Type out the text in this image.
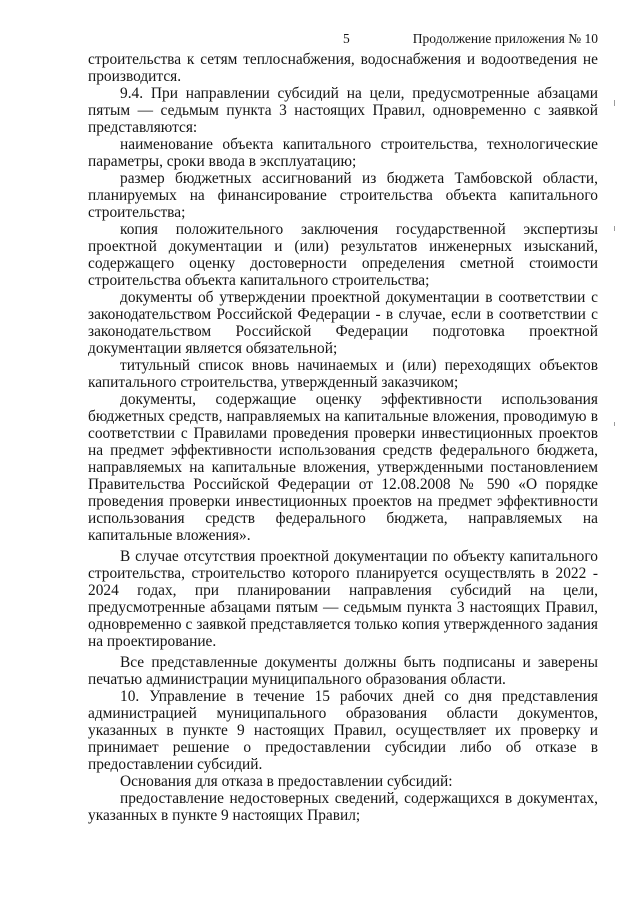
5	Продолжение приложения № 10

строительства к сетям теплоснабжения, водоснабжения и водоотведения не производится.

9.4. При направлении субсидий на цели, предусмотренные абзацами пятым — седьмым пункта 3 настоящих Правил, одновременно с заявкой представляются:

наименование объекта капитального строительства, технологические параметры, сроки ввода в эксплуатацию;

размер бюджетных ассигнований из бюджета Тамбовской области, планируемых на финансирование строительства объекта капитального строительства;

копия положительного заключения государственной экспертизы проектной документации и (или) результатов инженерных изысканий, содержащего оценку достоверности определения сметной стоимости строительства объекта капитального строительства;

документы об утверждении проектной документации в соответствии с законодательством Российской Федерации - в случае, если в соответствии с законодательством Российской Федерации подготовка проектной документации является обязательной;

титульный список вновь начинаемых и (или) переходящих объектов капитального строительства, утвержденный заказчиком;

документы, содержащие оценку эффективности использования бюджетных средств, направляемых на капитальные вложения, проводимую в соответствии с Правилами проведения проверки инвестиционных проектов на предмет эффективности использования средств федерального бюджета, направляемых на капитальные вложения, утвержденными постановлением Правительства Российской Федерации от 12.08.2008 № 590 «О порядке проведения проверки инвестиционных проектов на предмет эффективности использования средств федерального бюджета, направляемых на капитальные вложения».

В случае отсутствия проектной документации по объекту капитального строительства, строительство которого планируется осуществлять в 2022 - 2024 годах, при планировании направления субсидий на цели, предусмотренные абзацами пятым — седьмым пункта 3 настоящих Правил, одновременно с заявкой представляется только копия утвержденного задания на проектирование.

Все представленные документы должны быть подписаны и заверены печатью администрации муниципального образования области.

10. Управление в течение 15 рабочих дней со дня представления администрацией муниципального образования области документов, указанных в пункте 9 настоящих Правил, осуществляет их проверку и принимает решение о предоставлении субсидии либо об отказе в предоставлении субсидий.

Основания для отказа в предоставлении субсидий:

предоставление недостоверных сведений, содержащихся в документах, указанных в пункте 9 настоящих Правил;
